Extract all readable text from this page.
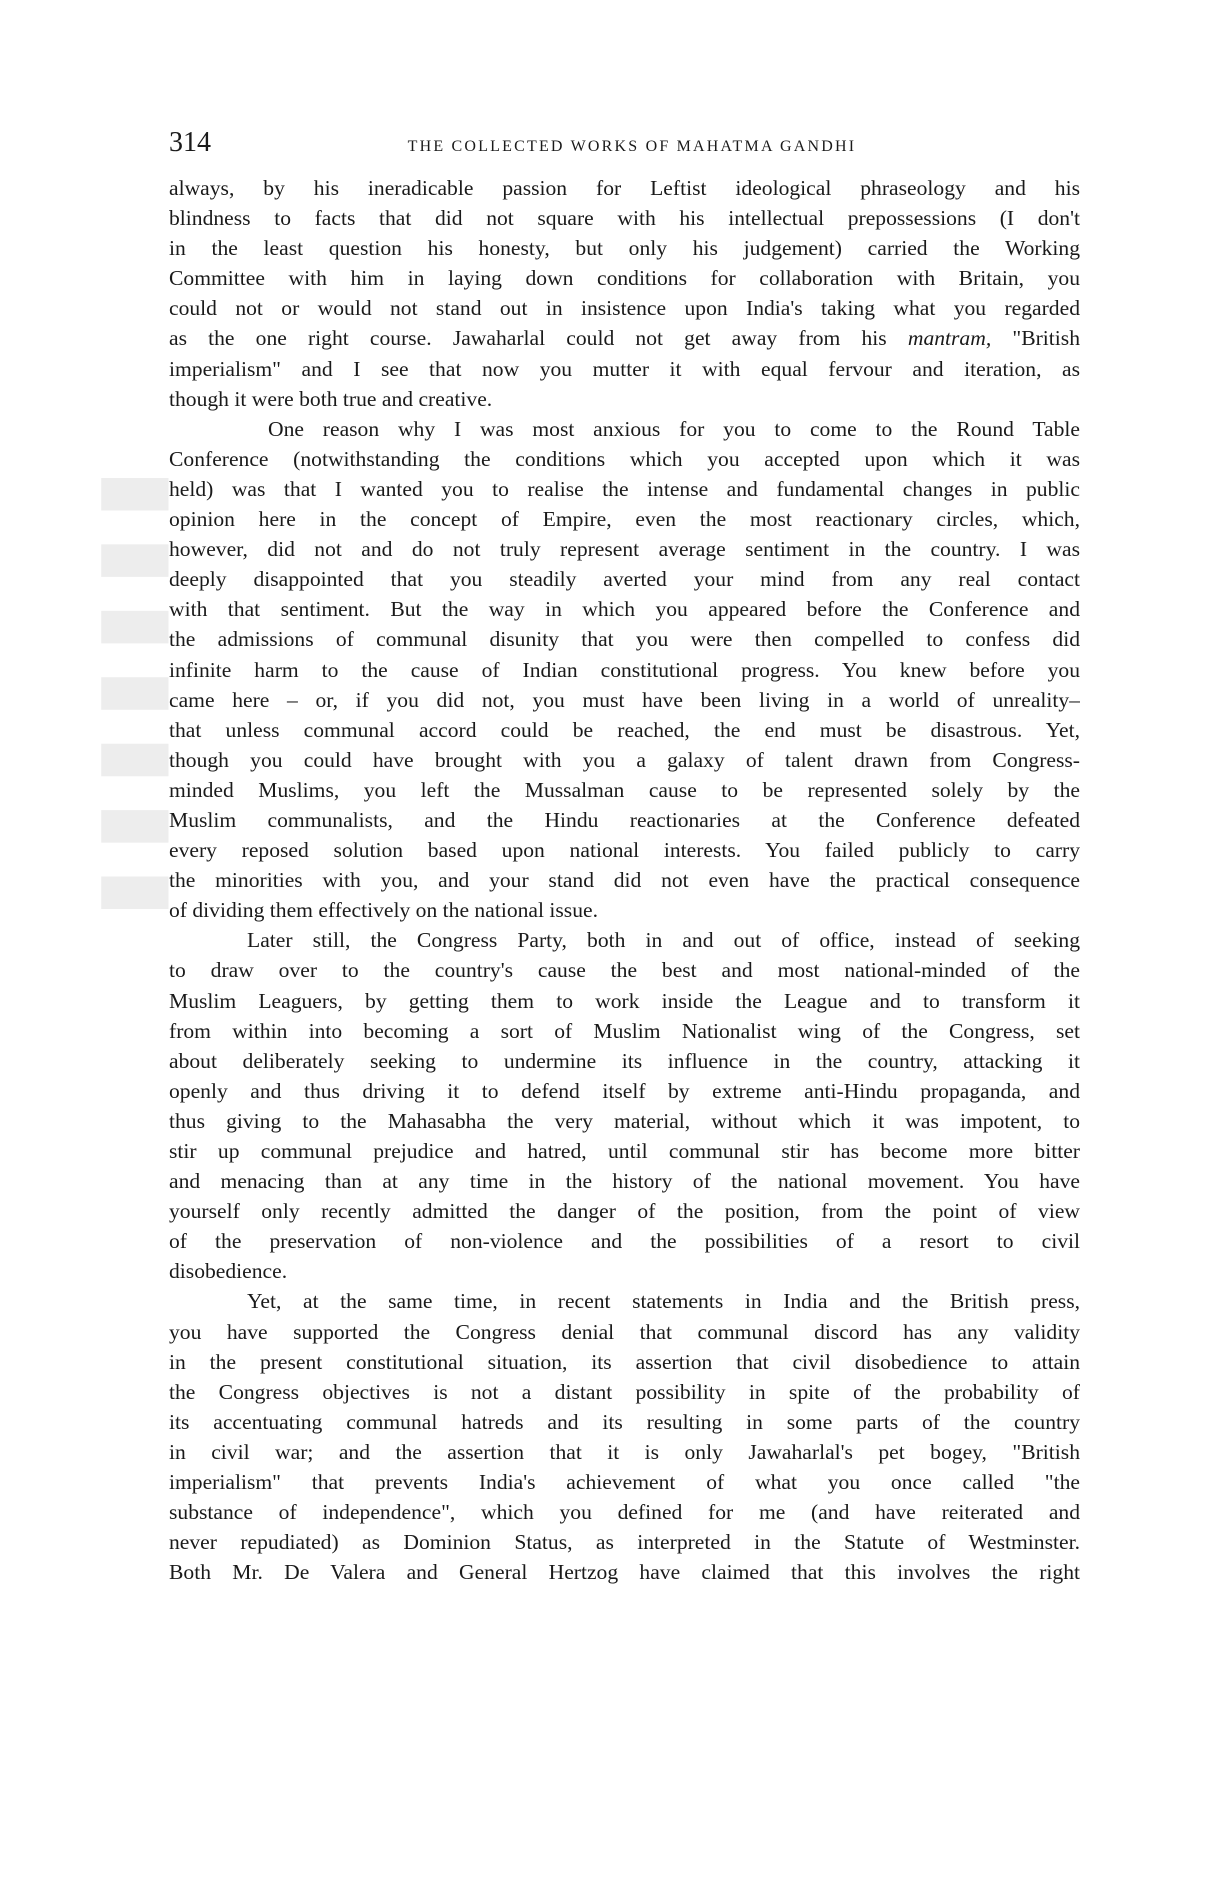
▮▮▮▮▮▮▮
314	THE COLLECTED WORKS OF MAHATMA GANDHI
always, by his ineradicable passion for Leftist ideological phraseology and his
blindness to facts that did not square with his intellectual prepossessions (I don't
in the least question his honesty, but only his judgement) carried the Working
Committee with him in laying down conditions for collaboration with Britain, you
could not or would not stand out in insistence upon India's taking what you regarded
as the one right course. Jawaharlal could not get away from his mantram, "British
imperialism" and I see that now you mutter it with equal fervour and iteration, as
though it were both true and creative.
One reason why I was most anxious for you to come to the Round Table
Conference (notwithstanding the conditions which you accepted upon which it was
held) was that I wanted you to realise the intense and fundamental changes in public
opinion here in the concept of Empire, even the most reactionary circles, which,
however, did not and do not truly represent average sentiment in the country. I was
deeply disappointed that you steadily averted your mind from any real contact
with that sentiment. But the way in which you appeared before the Conference and
the admissions of communal disunity that you were then compelled to confess did
infinite harm to the cause of Indian constitutional progress. You knew before you
came here – or, if you did not, you must have been living in a world of unreality–
that unless communal accord could be reached, the end must be disastrous. Yet,
though you could have brought with you a galaxy of talent drawn from Congress-
minded Muslims, you left the Mussalman cause to be represented solely by the
Muslim communalists, and the Hindu reactionaries at the Conference defeated
every reposed solution based upon national interests. You failed publicly to carry
the minorities with you, and your stand did not even have the practical consequence
of dividing them effectively on the national issue.
Later still, the Congress Party, both in and out of office, instead of seeking
to draw over to the country's cause the best and most national-minded of the
Muslim Leaguers, by getting them to work inside the League and to transform it
from within into becoming a sort of Muslim Nationalist wing of the Congress, set
about deliberately seeking to undermine its influence in the country, attacking it
openly and thus driving it to defend itself by extreme anti-Hindu propaganda, and
thus giving to the Mahasabha the very material, without which it was impotent, to
stir up communal prejudice and hatred, until communal stir has become more bitter
and menacing than at any time in the history of the national movement. You have
yourself only recently admitted the danger of the position, from the point of view
of the preservation of non-violence and the possibilities of a resort to civil
disobedience.
Yet, at the same time, in recent statements in India and the British press,
you have supported the Congress denial that communal discord has any validity
in the present constitutional situation, its assertion that civil disobedience to attain
the Congress objectives is not a distant possibility in spite of the probability of
its accentuating communal hatreds and its resulting in some parts of the country
in civil war; and the assertion that it is only Jawaharlal's pet bogey, "British
imperialism" that prevents India's achievement of what you once called "the
substance of independence", which you defined for me (and have reiterated and
never repudiated) as Dominion Status, as interpreted in the Statute of Westminster.
Both Mr. De Valera and General Hertzog have claimed that this involves the right
